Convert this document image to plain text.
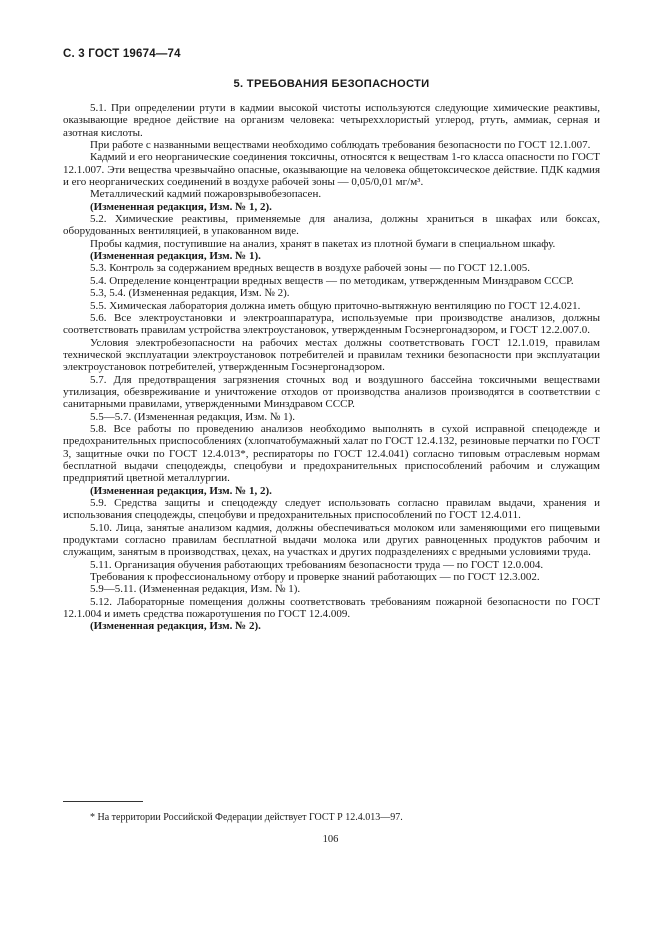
С. 3 ГОСТ 19674—74
5. ТРЕБОВАНИЯ БЕЗОПАСНОСТИ

5.1. При определении ртути в кадмии высокой чистоты используются следующие химические реактивы, оказывающие вредное действие на организм человека: четыреххлористый углерод, ртуть, аммиак, серная и азотная кислоты.

При работе с названными веществами необходимо соблюдать требования безопасности по ГОСТ 12.1.007.

Кадмий и его неорганические соединения токсичны, относятся к веществам 1-го класса опасности по ГОСТ 12.1.007. Эти вещества чрезвычайно опасные, оказывающие на человека общетоксическое действие. ПДК кадмия и его неорганических соединений в воздухе рабочей зоны — 0,05/0,01 мг/м³.

Металлический кадмий пожаровзрывобезопасен.

(Измененная редакция, Изм. № 1, 2).

5.2. Химические реактивы, применяемые для анализа, должны храниться в шкафах или боксах, оборудованных вентиляцией, в упакованном виде.

Пробы кадмия, поступившие на анализ, хранят в пакетах из плотной бумаги в специальном шкафу.

(Измененная редакция, Изм. № 1).

5.3. Контроль за содержанием вредных веществ в воздухе рабочей зоны — по ГОСТ 12.1.005.

5.4. Определение концентрации вредных веществ — по методикам, утвержденным Минздравом СССР.

5.3, 5.4. (Измененная редакция, Изм. № 2).

5.5. Химическая лаборатория должна иметь общую приточно-вытяжную вентиляцию по ГОСТ 12.4.021.

5.6. Все электроустановки и электроаппаратура, используемые при производстве анализов, должны соответствовать правилам устройства электроустановок, утвержденным Госэнергонадзором, и ГОСТ 12.2.007.0.

Условия электробезопасности на рабочих местах должны соответствовать ГОСТ 12.1.019, правилам технической эксплуатации электроустановок потребителей и правилам техники безопасности при эксплуатации электроустановок потребителей, утвержденным Госэнергонадзором.

5.7. Для предотвращения загрязнения сточных вод и воздушного бассейна токсичными веществами утилизация, обезвреживание и уничтожение отходов от производства анализов производятся в соответствии с санитарными правилами, утвержденными Минздравом СССР.

5.5—5.7. (Измененная редакция, Изм. № 1).

5.8. Все работы по проведению анализов необходимо выполнять в сухой исправной спецодежде и предохранительных приспособлениях (хлопчатобумажный халат по ГОСТ 12.4.132, резиновые перчатки по ГОСТ 3, защитные очки по ГОСТ 12.4.013*, респираторы по ГОСТ 12.4.041) согласно типовым отраслевым нормам бесплатной выдачи спецодежды, спецобуви и предохранительных приспособлений рабочим и служащим предприятий цветной металлургии.

(Измененная редакция, Изм. № 1, 2).

5.9. Средства защиты и спецодежду следует использовать согласно правилам выдачи, хранения и использования спецодежды, спецобуви и предохранительных приспособлений по ГОСТ 12.4.011.

5.10. Лица, занятые анализом кадмия, должны обеспечиваться молоком или заменяющими его пищевыми продуктами согласно правилам бесплатной выдачи молока или других равноценных продуктов рабочим и служащим, занятым в производствах, цехах, на участках и других подразделениях с вредными условиями труда.

5.11. Организация обучения работающих требованиям безопасности труда — по ГОСТ 12.0.004.

Требования к профессиональному отбору и проверке знаний работающих — по ГОСТ 12.3.002.

5.9—5.11. (Измененная редакция, Изм. № 1).

5.12. Лабораторные помещения должны соответствовать требованиям пожарной безопасности по ГОСТ 12.1.004 и иметь средства пожаротушения по ГОСТ 12.4.009.

(Измененная редакция, Изм. № 2).

* На территории Российской Федерации действует ГОСТ Р 12.4.013—97.
106
